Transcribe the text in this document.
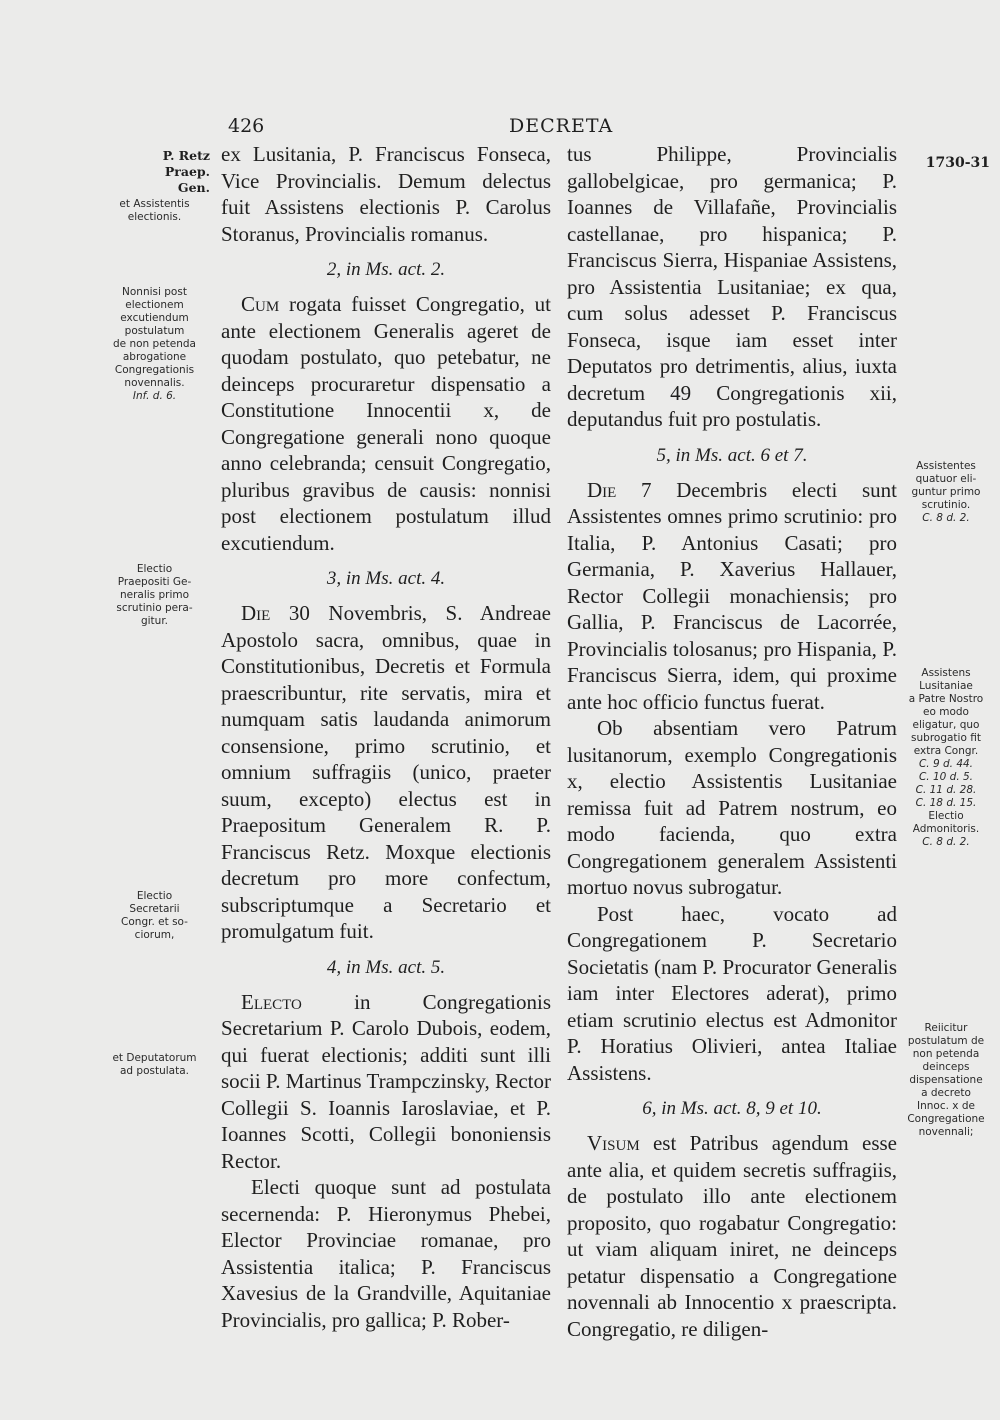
426	DECRETA
1730-31
P. Retz
Praep. Gen.
et Assistentis
electionis.
Nonnisi post
electionem
excutiendum
postulatum
de non petenda
abrogatione
Congregationis
novennalis.
Inf. d. 6.
Electio
Praepositi Ge-
neralis primo
scrutinio pera-
gitur.
Electio
Secretarii
Congr. et so-
ciorum,
et Deputatorum
ad postulata.
Assistentes
quatuor eli-
guntur primo
scrutinio.
C. 8 d. 2.
Assistens
Lusitaniae
a Patre Nostro
eo modo
eligatur, quo
subrogatio fit
extra Congr.
C. 9 d. 44.
C. 10 d. 5.
C. 11 d. 28.
C. 18 d. 15.
Electio
Admonitoris.
C. 8 d. 2.
Reiicitur
postulatum de
non petenda
deinceps
dispensatione
a decreto
Innoc. x de
Congregatione
novennali;

ex Lusitania, P. Franciscus Fonseca, Vice Provincialis. Demum delectus fuit Assistens electionis P. Carolus Storanus, Provincialis romanus.

2, in Ms. act. 2.

Cum rogata fuisset Congregatio, ut ante electionem Generalis ageret de quodam postulato, quo petebatur, ne deinceps procuraretur dispensatio a Constitutione Innocentii x, de Congregatione generali nono quoque anno celebranda; censuit Congregatio, pluribus gravibus de causis: nonnisi post electionem postulatum illud excutiendum.

3, in Ms. act. 4.

Die 30 Novembris, S. Andreae Apostolo sacra, omnibus, quae in Constitutionibus, Decretis et Formula praescribuntur, rite servatis, mira et numquam satis laudanda animorum consensione, primo scrutinio, et omnium suffragiis (unico, praeter suum, excepto) electus est in Praepositum Generalem R. P. Franciscus Retz. Moxque electionis decretum pro more confectum, subscriptumque a Secretario et promulgatum fuit.

4, in Ms. act. 5.

Electo in Congregationis Secretarium P. Carolo Dubois, eodem, qui fuerat electionis; additi sunt illi socii P. Martinus Trampczinsky, Rector Collegii S. Ioannis Iaroslaviae, et P. Ioannes Scotti, Collegii bononiensis Rector.

Electi quoque sunt ad postulata secernenda: P. Hieronymus Phebei, Elector Provinciae romanae, pro Assistentia italica; P. Franciscus Xavesius de la Grandville, Aquitaniae Provincialis, pro gallica; P. Rober-

tus Philippe, Provincialis gallobelgicae, pro germanica; P. Ioannes de Villafañe, Provincialis castellanae, pro hispanica; P. Franciscus Sierra, Hispaniae Assistens, pro Assistentia Lusitaniae; ex qua, cum solus adesset P. Franciscus Fonseca, isque iam esset inter Deputatos pro detrimentis, alius, iuxta decretum 49 Congregationis xii, deputandus fuit pro postulatis.

5, in Ms. act. 6 et 7.

Die 7 Decembris electi sunt Assistentes omnes primo scrutinio: pro Italia, P. Antonius Casati; pro Germania, P. Xaverius Hallauer, Rector Collegii monachiensis; pro Gallia, P. Franciscus de Lacorrée, Provincialis tolosanus; pro Hispania, P. Franciscus Sierra, idem, qui proxime ante hoc officio functus fuerat.

Ob absentiam vero Patrum lusitanorum, exemplo Congregationis x, electio Assistentis Lusitaniae remissa fuit ad Patrem nostrum, eo modo facienda, quo extra Congregationem generalem Assistenti mortuo novus subrogatur.

Post haec, vocato ad Congregationem P. Secretario Societatis (nam P. Procurator Generalis iam inter Electores aderat), primo etiam scrutinio electus est Admonitor P. Horatius Olivieri, antea Italiae Assistens.

6, in Ms. act. 8, 9 et 10.

Visum est Patribus agendum esse ante alia, et quidem secretis suffragiis, de postulato illo ante electionem proposito, quo rogabatur Congregatio: ut viam aliquam iniret, ne deinceps petatur dispensatio a Congregatione novennali ab Innocentio x praescripta. Congregatio, re diligen-
